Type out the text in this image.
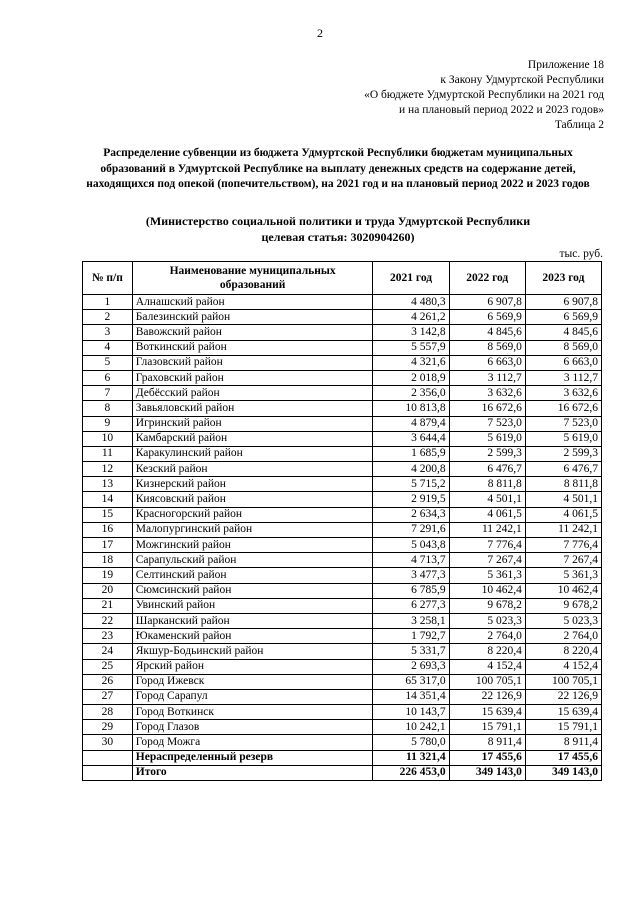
2
Приложение 18
к Закону Удмуртской Республики
«О бюджете Удмуртской Республики на 2021 год
и на плановый период 2022 и 2023 годов»
Таблица 2
Распределение субвенции из бюджета Удмуртской Республики бюджетам муниципальных образований в Удмуртской Республике на выплату денежных средств на содержание детей, находящихся под опекой (попечительством), на 2021 год и на плановый период 2022 и 2023 годов
(Министерство социальной политики и труда Удмуртской Республики
целевая статья: 3020904260)
тыс. руб.
№ п/п	Наименование муниципальных образований	2021 год	2022 год	2023 год
1	Алнашский район	4 480,3	6 907,8	6 907,8
2	Балезинский район	4 261,2	6 569,9	6 569,9
3	Вавожский район	3 142,8	4 845,6	4 845,6
4	Воткинский район	5 557,9	8 569,0	8 569,0
5	Глазовский район	4 321,6	6 663,0	6 663,0
6	Граховский район	2 018,9	3 112,7	3 112,7
7	Дебёсский район	2 356,0	3 632,6	3 632,6
8	Завьяловский район	10 813,8	16 672,6	16 672,6
9	Игринский район	4 879,4	7 523,0	7 523,0
10	Камбарский район	3 644,4	5 619,0	5 619,0
11	Каракулинский район	1 685,9	2 599,3	2 599,3
12	Кезский район	4 200,8	6 476,7	6 476,7
13	Кизнерский район	5 715,2	8 811,8	8 811,8
14	Киясовский район	2 919,5	4 501,1	4 501,1
15	Красногорский район	2 634,3	4 061,5	4 061,5
16	Малопургинский район	7 291,6	11 242,1	11 242,1
17	Можгинский район	5 043,8	7 776,4	7 776,4
18	Сарапульский район	4 713,7	7 267,4	7 267,4
19	Селтинский район	3 477,3	5 361,3	5 361,3
20	Сюмсинский район	6 785,9	10 462,4	10 462,4
21	Увинский район	6 277,3	9 678,2	9 678,2
22	Шарканский район	3 258,1	5 023,3	5 023,3
23	Юкаменский район	1 792,7	2 764,0	2 764,0
24	Якшур-Бодьинский район	5 331,7	8 220,4	8 220,4
25	Ярский район	2 693,3	4 152,4	4 152,4
26	Город Ижевск	65 317,0	100 705,1	100 705,1
27	Город Сарапул	14 351,4	22 126,9	22 126,9
28	Город Воткинск	10 143,7	15 639,4	15 639,4
29	Город Глазов	10 242,1	15 791,1	15 791,1
30	Город Можга	5 780,0	8 911,4	8 911,4
	Нераспределенный резерв	11 321,4	17 455,6	17 455,6
	Итого	226 453,0	349 143,0	349 143,0
